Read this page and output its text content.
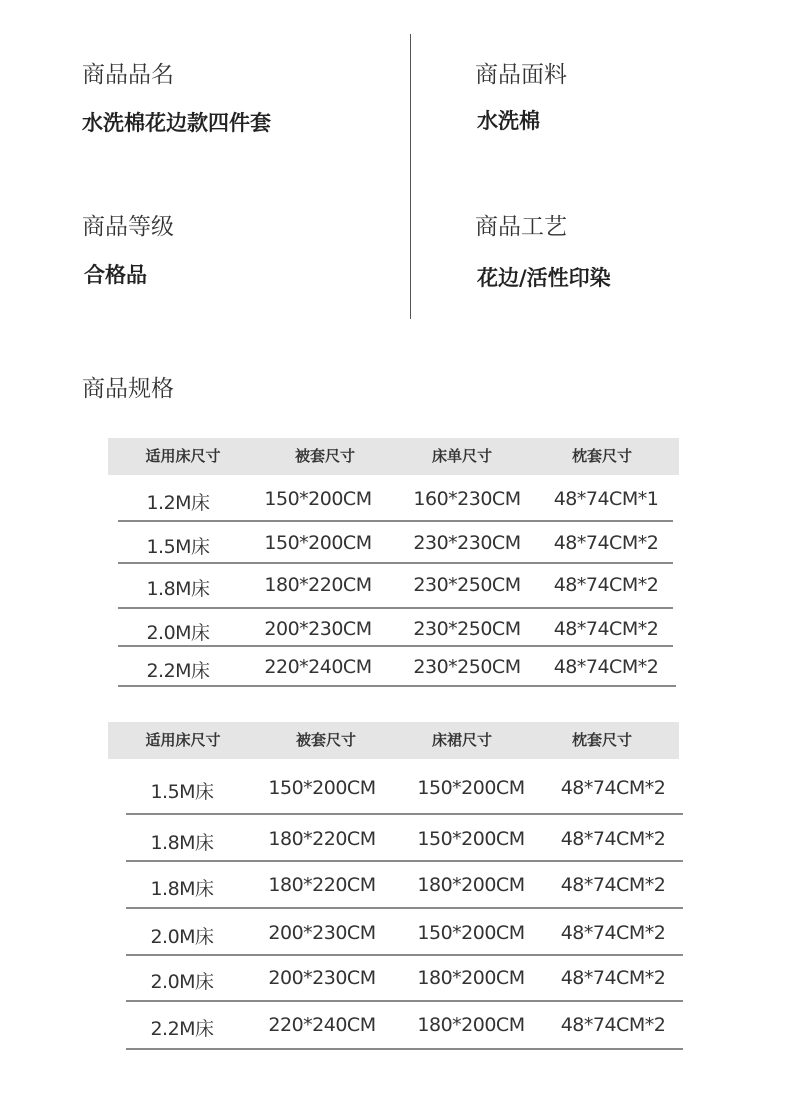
商品品名
水洗棉花边款四件套
商品面料
水洗棉
商品等级
合格品
商品工艺
花边/活性印染
商品规格
适用床尺寸	被套尺寸	床单尺寸	枕套尺寸
1.2M床	150*200CM 160*230CM 48*74CM*1
1.5M床	150*200CM 230*230CM 48*74CM*2
1.8M床	180*220CM 230*250CM 48*74CM*2
2.0M床	200*230CM 230*250CM 48*74CM*2
2.2M床	220*240CM 230*250CM 48*74CM*2
适用床尺寸	被套尺寸	床裙尺寸	枕套尺寸
1.5M床	150*200CM 150*200CM 48*74CM*2
1.8M床	180*220CM 150*200CM 48*74CM*2
1.8M床	180*220CM 180*200CM 48*74CM*2
2.0M床	200*230CM 150*200CM 48*74CM*2
2.0M床	200*230CM 180*200CM 48*74CM*2
2.2M床	220*240CM 180*200CM 48*74CM*2
